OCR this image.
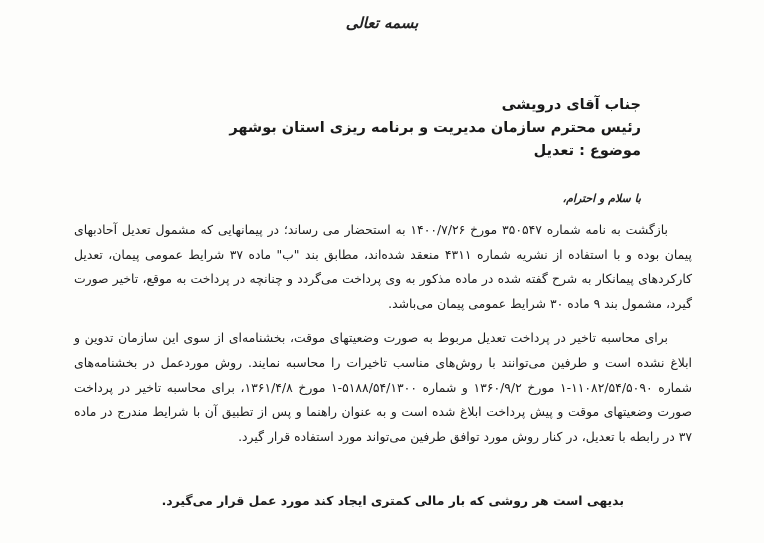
بسمه تعالی
جناب آقای درویشی
رئیس محترم سازمان مدیریت و برنامه ریزی استان بوشهر
موضوع : تعدیل
با سلام و احترام،

بازگشت به نامه شماره ۳۵۰۵۴۷ مورخ ۱۴۰۰/۷/۲۶ به استحضار می رساند؛ در پیمانهایی که مشمول تعدیل آحادبهای پیمان بوده و با استفاده از نشریه شماره ۴۳۱۱ منعقد شده‌اند، مطابق بند "ب" ماده ۳۷ شرایط عمومی پیمان، تعدیل کارکردهای پیمانکار به شرح گفته شده در ماده مذکور به وی پرداخت می‌گردد و چنانچه در پرداخت به موقع، تاخیر صورت گیرد، مشمول بند ۹ ماده ۳۰ شرایط عمومی پیمان می‌باشد.

برای محاسبه تاخیر در پرداخت تعدیل مربوط به صورت وضعیتهای موقت، بخشنامه‌ای از سوی این سازمان تدوین و ابلاغ نشده است و طرفین می‌توانند با روش‌های مناسب تاخیرات را محاسبه نمایند. روش موردعمل در بخشنامه‌های شماره ۱۱۰۸۲/۵۴/۵۰۹۰-۱ مورخ ۱۳۶۰/۹/۲ و شماره ۵۱۸۸/۵۴/۱۳۰۰-۱ مورخ ۱۳۶۱/۴/۸، برای محاسبه تاخیر در پرداخت صورت وضعیتهای موقت و پیش پرداخت ابلاغ شده است و به عنوان راهنما و پس از تطبیق آن با شرایط مندرج در ماده ۳۷ در رابطه با تعدیل، در کنار روش مورد توافق طرفین می‌تواند مورد استفاده قرار گیرد.

بدیهی است هر روشی که بار مالی کمتری ایجاد کند مورد عمل قرار می‌گیرد.
